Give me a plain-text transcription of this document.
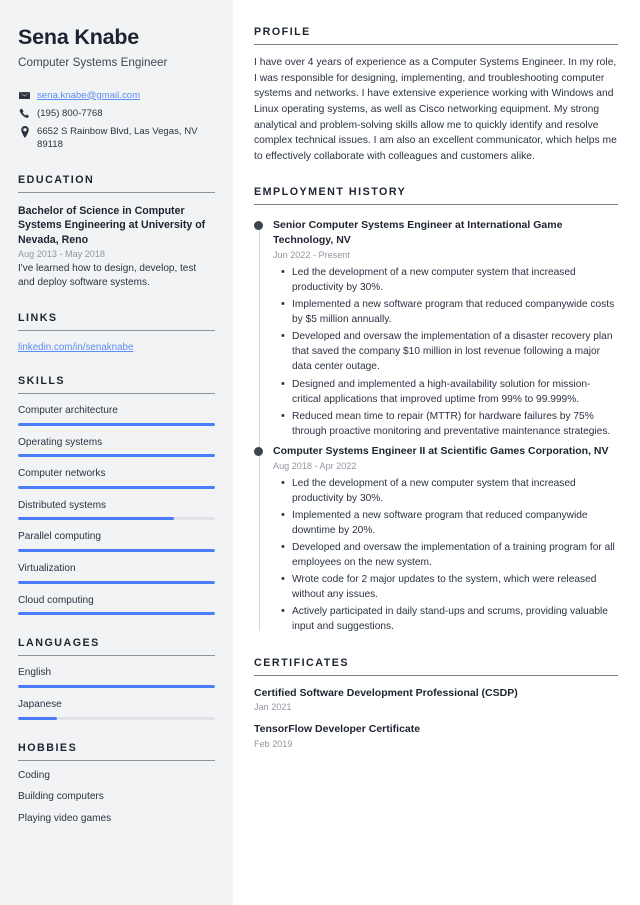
Sena Knabe
Computer Systems Engineer
sena.knabe@gmail.com
(195) 800-7768
6652 S Rainbow Blvd, Las Vegas, NV 89118
EDUCATION
Bachelor of Science in Computer Systems Engineering at University of Nevada, Reno
Aug 2013 - May 2018
I've learned how to design, develop, test and deploy software systems.
LINKS
linkedin.com/in/senaknabe
SKILLS
Computer architecture
Operating systems
Computer networks
Distributed systems
Parallel computing
Virtualization
Cloud computing
LANGUAGES
English
Japanese
HOBBIES
Coding
Building computers
Playing video games
PROFILE

I have over 4 years of experience as a Computer Systems Engineer. In my role, I was responsible for designing, implementing, and troubleshooting computer systems and networks. I have extensive experience working with Windows and Linux operating systems, as well as Cisco networking equipment. My strong analytical and problem-solving skills allow me to quickly identify and resolve complex technical issues. I am also an excellent communicator, which helps me to effectively collaborate with colleagues and customers alike.

EMPLOYMENT HISTORY
Senior Computer Systems Engineer at International Game Technology, NV
Jun 2022 - Present
• Led the development of a new computer system that increased productivity by 30%.
• Implemented a new software program that reduced companywide costs by $5 million annually.
• Developed and oversaw the implementation of a disaster recovery plan that saved the company $10 million in lost revenue following a major data center outage.
• Designed and implemented a high-availability solution for mission-critical applications that improved uptime from 99% to 99.999%.
• Reduced mean time to repair (MTTR) for hardware failures by 75% through proactive monitoring and preventative maintenance strategies.
Computer Systems Engineer II at Scientific Games Corporation, NV
Aug 2018 - Apr 2022
• Led the development of a new computer system that increased productivity by 30%.
• Implemented a new software program that reduced companywide downtime by 20%.
• Developed and oversaw the implementation of a training program for all employees on the new system.
• Wrote code for 2 major updates to the system, which were released without any issues.
• Actively participated in daily stand-ups and scrums, providing valuable input and suggestions.
CERTIFICATES
Certified Software Development Professional (CSDP)
Jan 2021
TensorFlow Developer Certificate
Feb 2019
